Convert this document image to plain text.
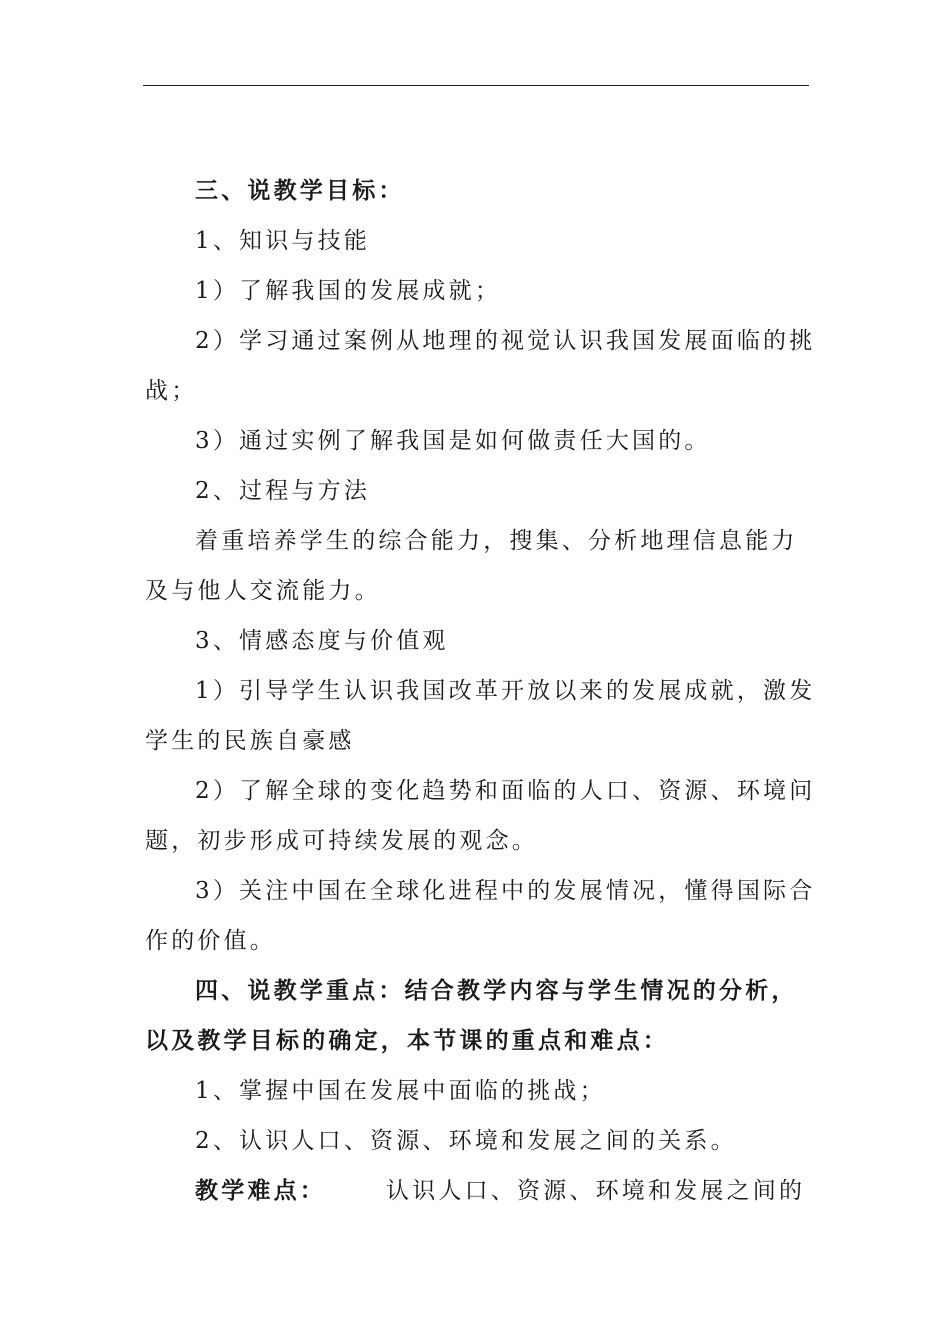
三、说教学目标：

1、知识与技能

1）了解我国的发展成就；

2）学习通过案例从地理的视觉认识我国发展面临的挑

战；

3）通过实例了解我国是如何做责任大国的。

2、过程与方法

着重培养学生的综合能力，搜集、分析地理信息能力

及与他人交流能力。

3、情感态度与价值观

1）引导学生认识我国改革开放以来的发展成就，激发

学生的民族自豪感

2）了解全球的变化趋势和面临的人口、资源、环境问

题，初步形成可持续发展的观念。

3）关注中国在全球化进程中的发展情况，懂得国际合

作的价值。

四、说教学重点：结合教学内容与学生情况的分析，

以及教学目标的确定，本节课的重点和难点：

1、掌握中国在发展中面临的挑战；

2、认识人口、资源、环境和发展之间的关系。

教学难点：	认识人口、资源、环境和发展之间的
